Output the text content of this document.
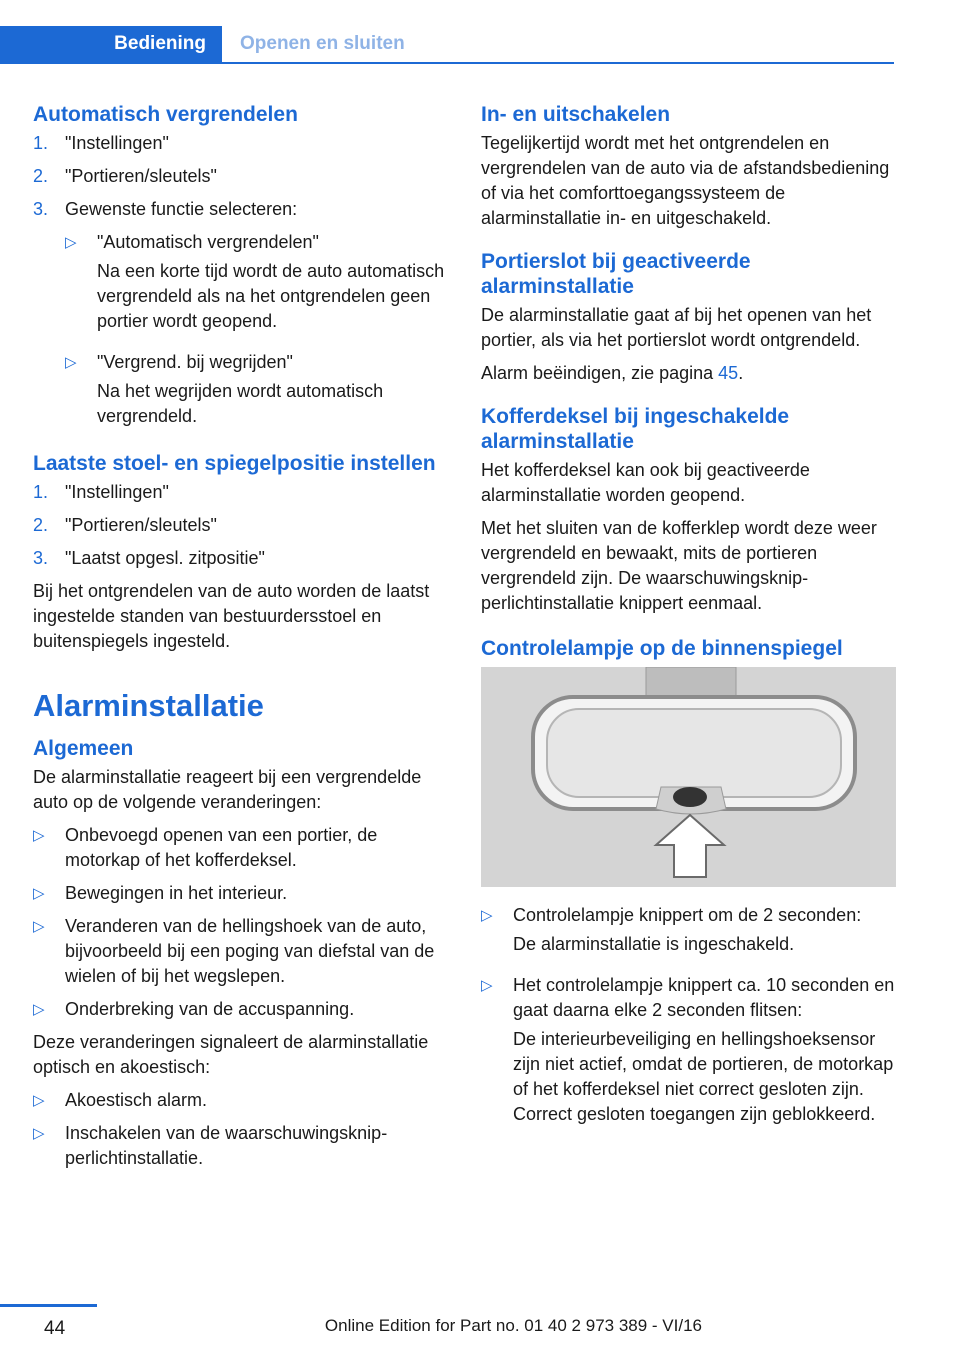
Bediening	Openen en sluiten
Automatisch vergrendelen
1. "Instellingen"
2. "Portieren/sleutels"
3. Gewenste functie selecteren:
▷	"Automatisch vergrendelen"

Na een korte tijd wordt de auto automatisch vergrendeld als na het ontgrendelen geen portier wordt geopend.

▷	"Vergrend. bij wegrijden"

Na het wegrijden wordt automatisch vergrendeld.

Laatste stoel- en spiegelpositie instellen
1. "Instellingen"
2. "Portieren/sleutels"
3. "Laatst opgesl. zitpositie"

Bij het ontgrendelen van de auto worden de laatst ingestelde standen van bestuurdersstoel en buitenspiegels ingesteld.

Alarminstallatie
Algemeen

De alarminstallatie reageert bij een vergrendelde auto op de volgende veranderingen:

▷	Onbevoegd openen van een portier, de motorkap of het kofferdeksel.
▷	Bewegingen in het interieur.
▷	Veranderen van de hellingshoek van de auto, bijvoorbeeld bij een poging van diefstal van de wielen of bij het wegslepen.
▷	Onderbreking van de accuspanning.

Deze veranderingen signaleert de alarminstallatie optisch en akoestisch:

▷	Akoestisch alarm.
▷	Inschakelen van de waarschuwingsknipperlichtinstallatie.
In- en uitschakelen

Tegelijkertijd wordt met het ontgrendelen en vergrendelen van de auto via de afstandsbediening of via het comforttoegangssysteem de alarminstallatie in- en uitgeschakeld.

Portierslot bij geactiveerde alarminstallatie

De alarminstallatie gaat af bij het openen van het portier, als via het portierslot wordt ontgrendeld.

Alarm beëindigen, zie pagina 45.

Kofferdeksel bij ingeschakelde alarminstallatie

Het kofferdeksel kan ook bij geactiveerde alarminstallatie worden geopend.

Met het sluiten van de kofferklep wordt deze weer vergrendeld en bewaakt, mits de portieren vergrendeld zijn. De waarschuwingsknipperlichtinstallatie knippert eenmaal.

Controlelampje op de binnenspiegel
▷	Controlelampje knippert om de 2 seconden:

De alarminstallatie is ingeschakeld.

▷	Het controlelampje knippert ca. 10 seconden en gaat daarna elke 2 seconden flitsen:

De interieurbeveiliging en hellingshoeksensor zijn niet actief, omdat de portieren, de motorkap of het kofferdeksel niet correct gesloten zijn. Correct gesloten toegangen zijn geblokkeerd.

44	Online Edition for Part no. 01 40 2 973 389 - VI/16
